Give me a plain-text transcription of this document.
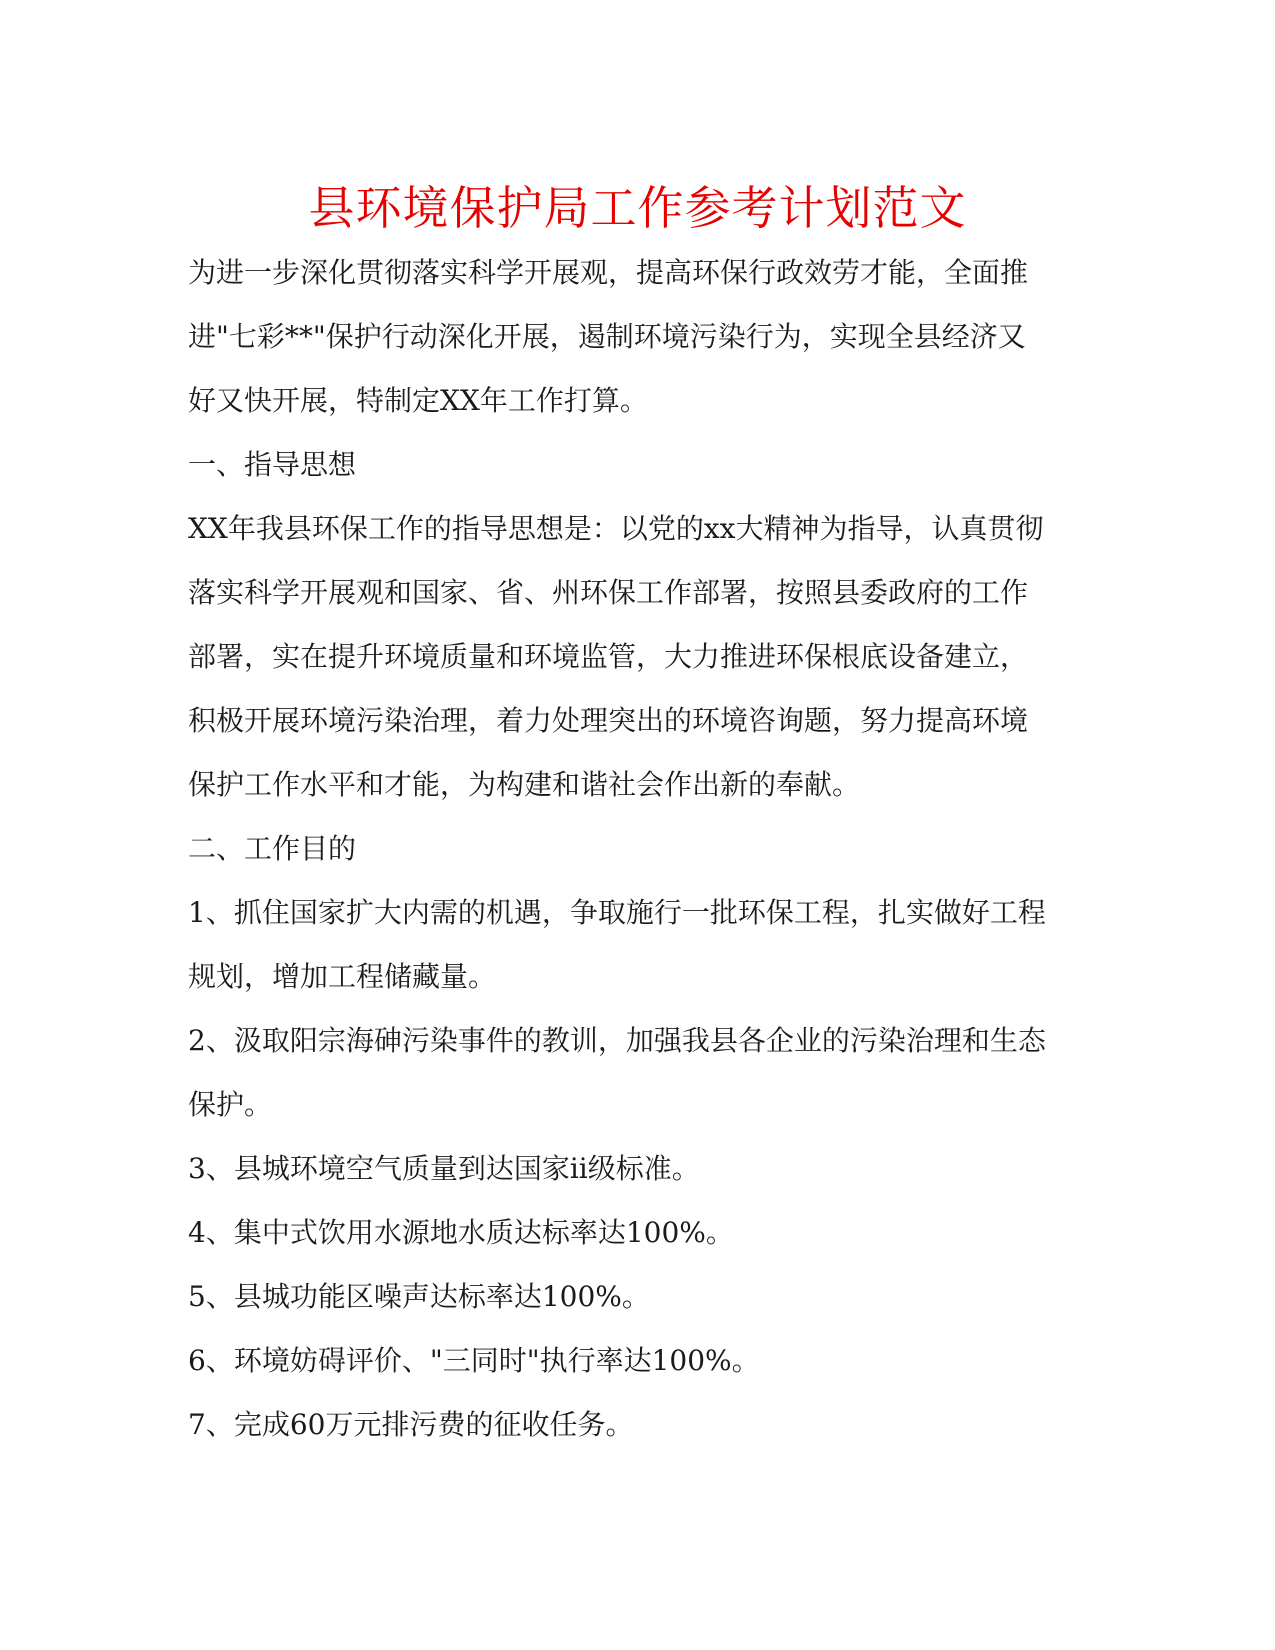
县环境保护局工作参考计划范文
为进一步深化贯彻落实科学开展观，提高环保行政效劳才能，全面推
进"七彩**"保护行动深化开展，遏制环境污染行为，实现全县经济又
好又快开展，特制定XX年工作打算。
一、指导思想
XX年我县环保工作的指导思想是：以党的xx大精神为指导，认真贯彻
落实科学开展观和国家、省、州环保工作部署，按照县委政府的工作
部署，实在提升环境质量和环境监管，大力推进环保根底设备建立，
积极开展环境污染治理，着力处理突出的环境咨询题，努力提高环境
保护工作水平和才能，为构建和谐社会作出新的奉献。
二、工作目的
1、抓住国家扩大内需的机遇，争取施行一批环保工程，扎实做好工程
规划，增加工程储藏量。
2、汲取阳宗海砷污染事件的教训，加强我县各企业的污染治理和生态
保护。
3、县城环境空气质量到达国家ii级标准。
4、集中式饮用水源地水质达标率达100%。
5、县城功能区噪声达标率达100%。
6、环境妨碍评价、"三同时"执行率达100%。
7、完成60万元排污费的征收任务。
